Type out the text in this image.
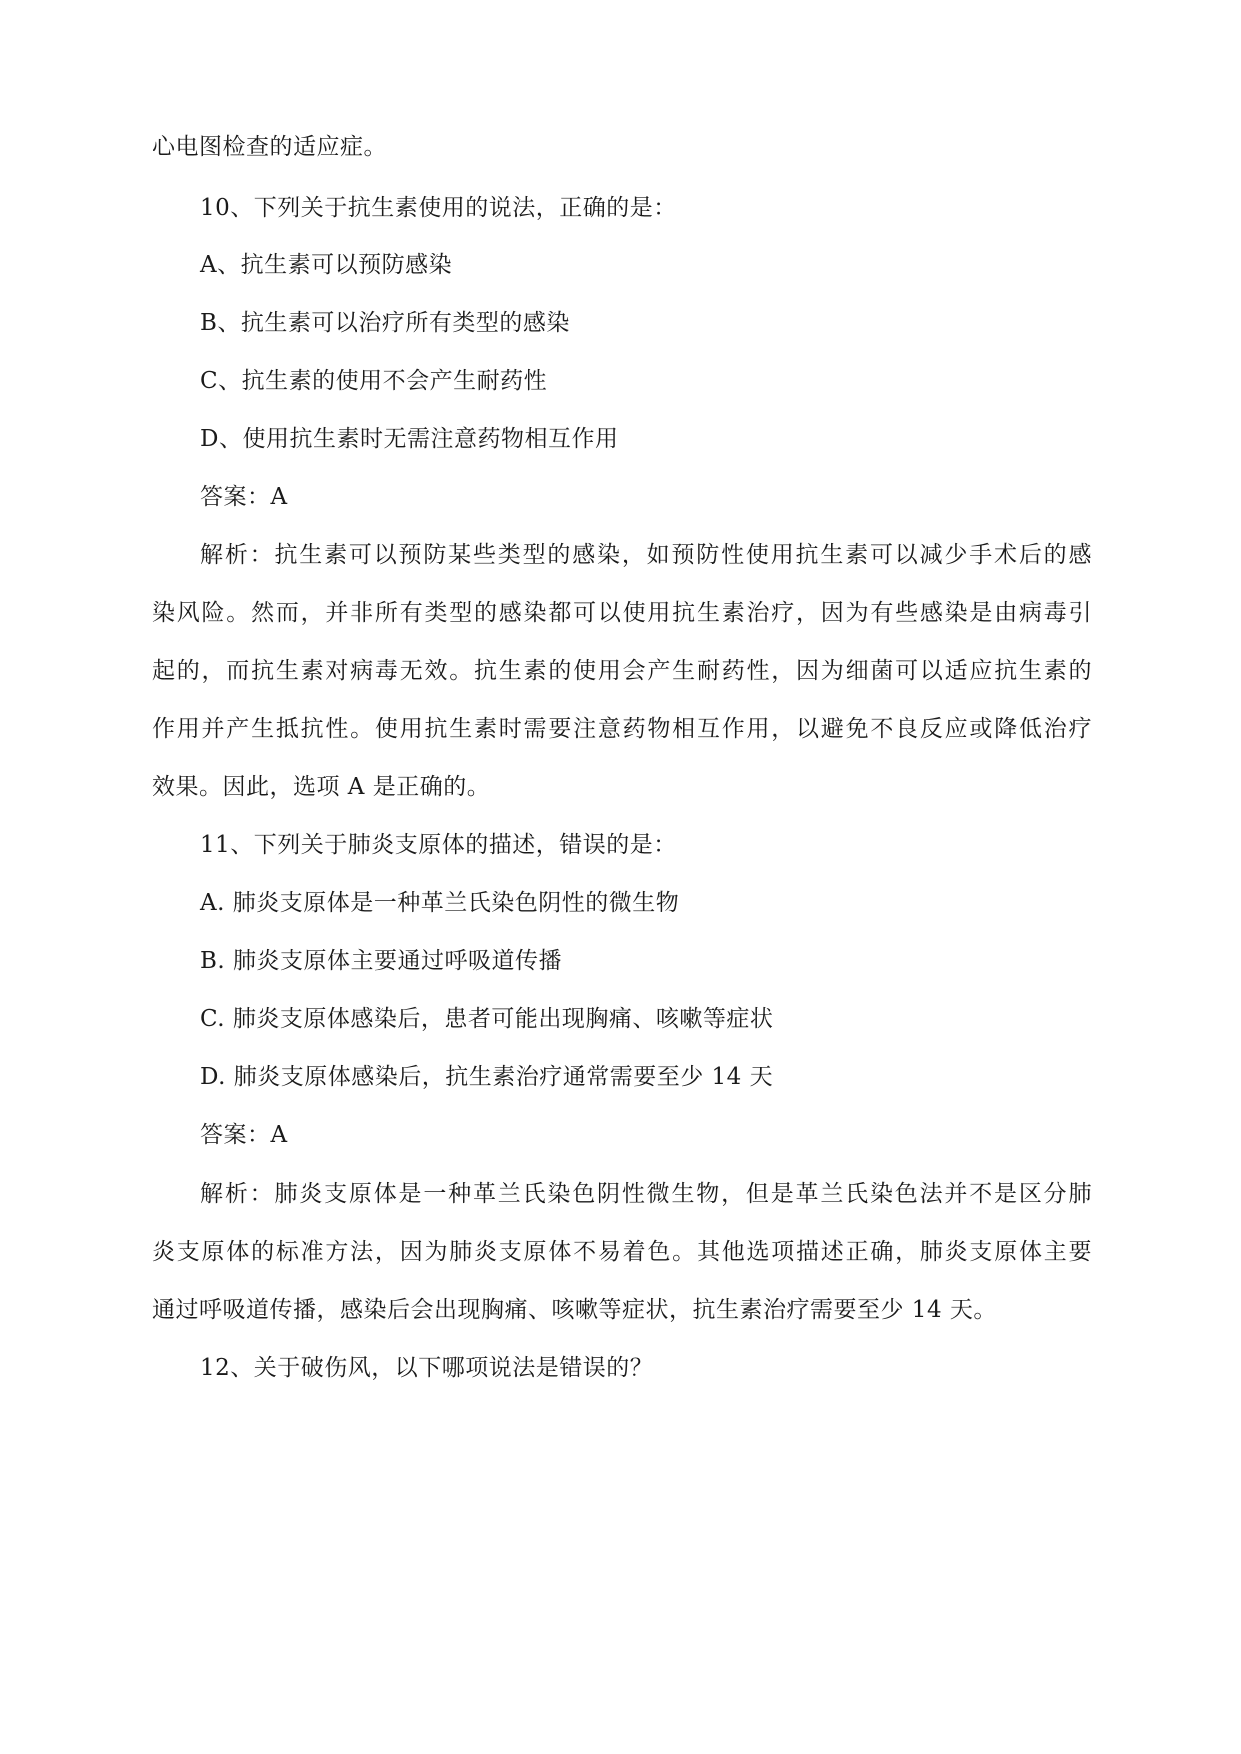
心电图检查的适应症。
10、下列关于抗生素使用的说法，正确的是：
A、抗生素可以预防感染
B、抗生素可以治疗所有类型的感染
C、抗生素的使用不会产生耐药性
D、使用抗生素时无需注意药物相互作用
答案：A
解析：抗生素可以预防某些类型的感染，如预防性使用抗生素可以减少手术后的感
染风险。然而，并非所有类型的感染都可以使用抗生素治疗，因为有些感染是由病毒引
起的，而抗生素对病毒无效。抗生素的使用会产生耐药性，因为细菌可以适应抗生素的
作用并产生抵抗性。使用抗生素时需要注意药物相互作用，以避免不良反应或降低治疗
效果。因此，选项 A 是正确的。
11、下列关于肺炎支原体的描述，错误的是：
A. 肺炎支原体是一种革兰氏染色阴性的微生物
B. 肺炎支原体主要通过呼吸道传播
C. 肺炎支原体感染后，患者可能出现胸痛、咳嗽等症状
D. 肺炎支原体感染后，抗生素治疗通常需要至少 14 天
答案：A
解析：肺炎支原体是一种革兰氏染色阴性微生物，但是革兰氏染色法并不是区分肺
炎支原体的标准方法，因为肺炎支原体不易着色。其他选项描述正确，肺炎支原体主要
通过呼吸道传播，感染后会出现胸痛、咳嗽等症状，抗生素治疗需要至少 14 天。
12、关于破伤风，以下哪项说法是错误的？
